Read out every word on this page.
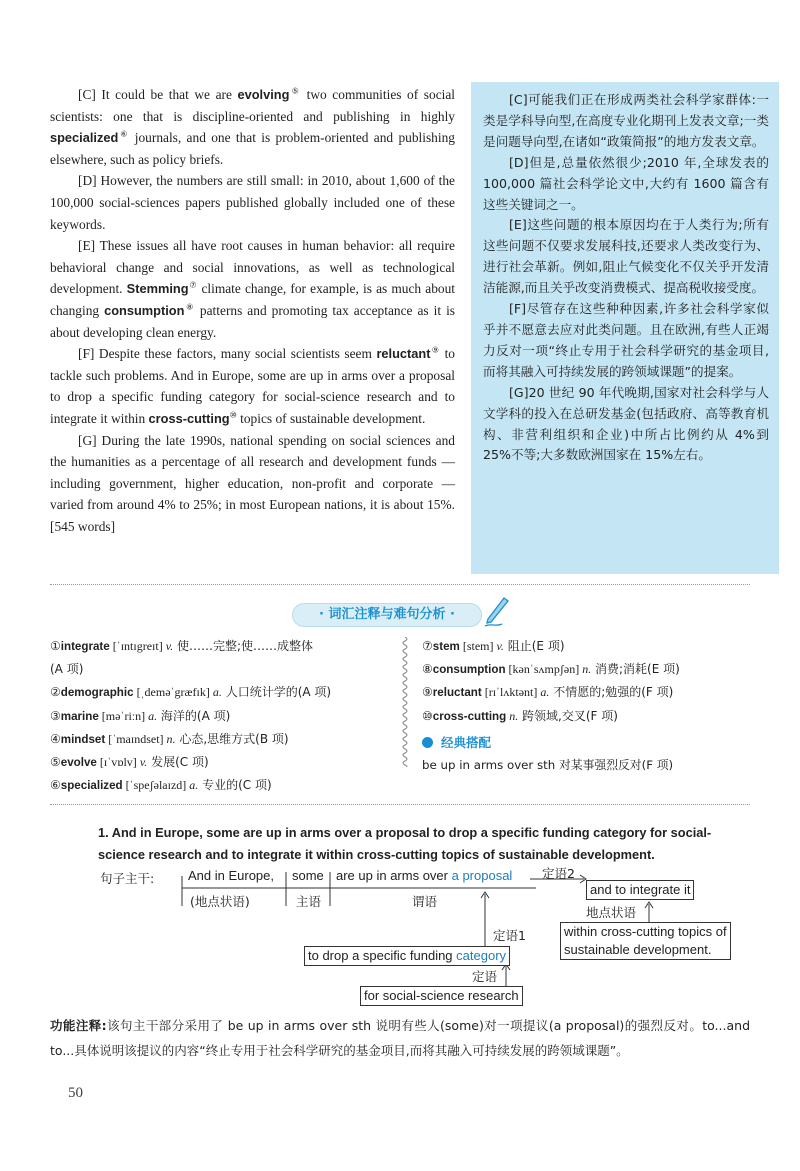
[C] It could be that we are evolving⑤ two communities of social scientists: one that is discipline-oriented and publishing in highly specialized⑥ journals, and one that is problem-oriented and publishing elsewhere, such as policy briefs.

[D] However, the numbers are still small: in 2010, about 1,600 of the 100,000 social-sciences papers published globally included one of these keywords.

[E] These issues all have root causes in human behavior: all require behavioral change and social innovations, as well as technological development. Stemming⑦ climate change, for example, is as much about changing consumption⑧ patterns and promoting tax acceptance as it is about developing clean energy.

[F] Despite these factors, many social scientists seem reluctant⑨ to tackle such problems. And in Europe, some are up in arms over a proposal to drop a specific funding category for social-science research and to integrate it within cross-cutting⑩ topics of sustainable development.

[G] During the late 1990s, national spending on social sciences and the humanities as a percentage of all research and development funds — including government, higher education, non-profit and corporate — varied from around 4% to 25%; in most European nations, it is about 15%.[545 words]

[C]可能我们正在形成两类社会科学家群体:一类是学科导向型,在高度专业化期刊上发表文章;一类是问题导向型,在诸如“政策简报”的地方发表文章。

[D]但是,总量依然很少;2010 年,全球发表的 100,000 篇社会科学论文中,大约有 1600 篇含有这些关键词之一。

[E]这些问题的根本原因均在于人类行为;所有这些问题不仅要求发展科技,还要求人类改变行为、进行社会革新。例如,阻止气候变化不仅关乎开发清洁能源,而且关乎改变消费模式、提高税收接受度。

[F]尽管存在这些种种因素,许多社会科学家似乎并不愿意去应对此类问题。且在欧洲,有些人正竭力反对一项“终止专用于社会科学研究的基金项目,而将其融入可持续发展的跨领域课题”的提案。

[G]20 世纪 90 年代晚期,国家对社会科学与人文学科的投入在总研发基金(包括政府、高等教育机构、非营利组织和企业)中所占比例约从 4%到 25%不等;大多数欧洲国家在 15%左右。

· 词汇注释与难句分析 ·
①integrate [ˈɪntɪgreɪt] v. 使……完整;使……成整体
(A 项)
②demographic [ˌdeməˈgræfɪk] a. 人口统计学的(A 项)
③marine [məˈriːn] a. 海洋的(A 项)
④mindset [ˈmaɪndset] n. 心态,思维方式(B 项)
⑤evolve [ɪˈvɒlv] v. 发展(C 项)
⑥specialized [ˈspeʃəlaɪzd] a. 专业的(C 项)
⑦stem [stem] v. 阻止(E 项)
⑧consumption [kənˈsʌmpʃən] n. 消费;消耗(E 项)
⑨reluctant [rɪˈlʌktənt] a. 不情愿的;勉强的(F 项)
⑩cross-cutting n. 跨领域,交叉(F 项)
经典搭配
be up in arms over sth 对某事强烈反对(F 项)
1. And in Europe, some are up in arms over a proposal to drop a specific funding category for social-science research and to integrate it within cross-cutting topics of sustainable development.
句子主干:	And in Europe, some are up in arms over a proposal
(地点状语)	主语	谓语
定语2
and to integrate it
地点状语
within cross-cutting topics of
sustainable development.
定语1
to drop a specific funding category
定语
for social-science research
功能注释:该句主干部分采用了 be up in arms over sth 说明有些人(some)对一项提议(a proposal)的强烈反对。to...and to...具体说明该提议的内容“终止专用于社会科学研究的基金项目,而将其融入可持续发展的跨领域课题”。
50
